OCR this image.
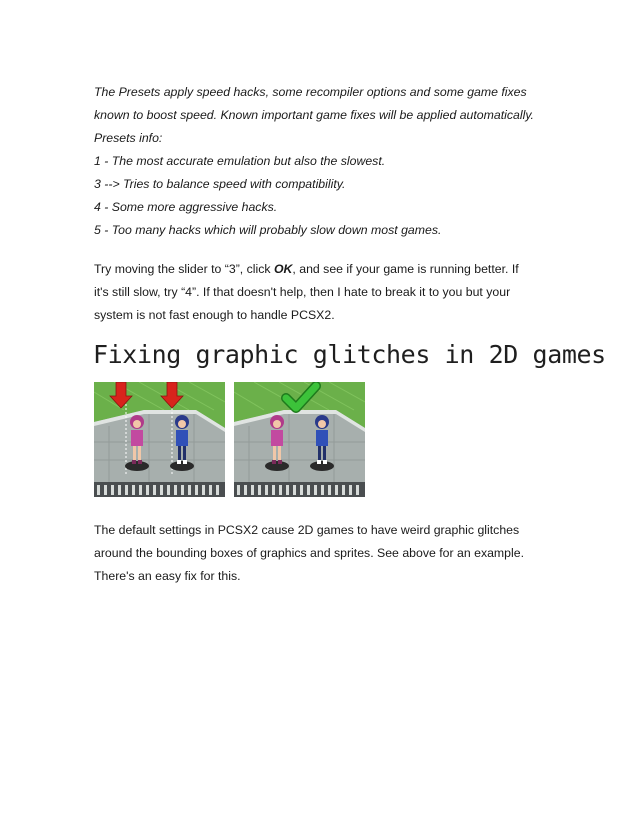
The Presets apply speed hacks, some recompiler options and some game fixes
known to boost speed. Known important game fixes will be applied automatically.
Presets info:
1 - The most accurate emulation but also the slowest.
3 --> Tries to balance speed with compatibility.
4 - Some more aggressive hacks.
5 - Too many hacks which will probably slow down most games.
Try moving the slider to “3”, click OK, and see if your game is running better. If
it's still slow, try “4”. If that doesn't help, then I hate to break it to you but your
system is not fast enough to handle PCSX2.
Fixing graphic glitches in 2D games
The default settings in PCSX2 cause 2D games to have weird graphic glitches
around the bounding boxes of graphics and sprites. See above for an example.
There's an easy fix for this.
